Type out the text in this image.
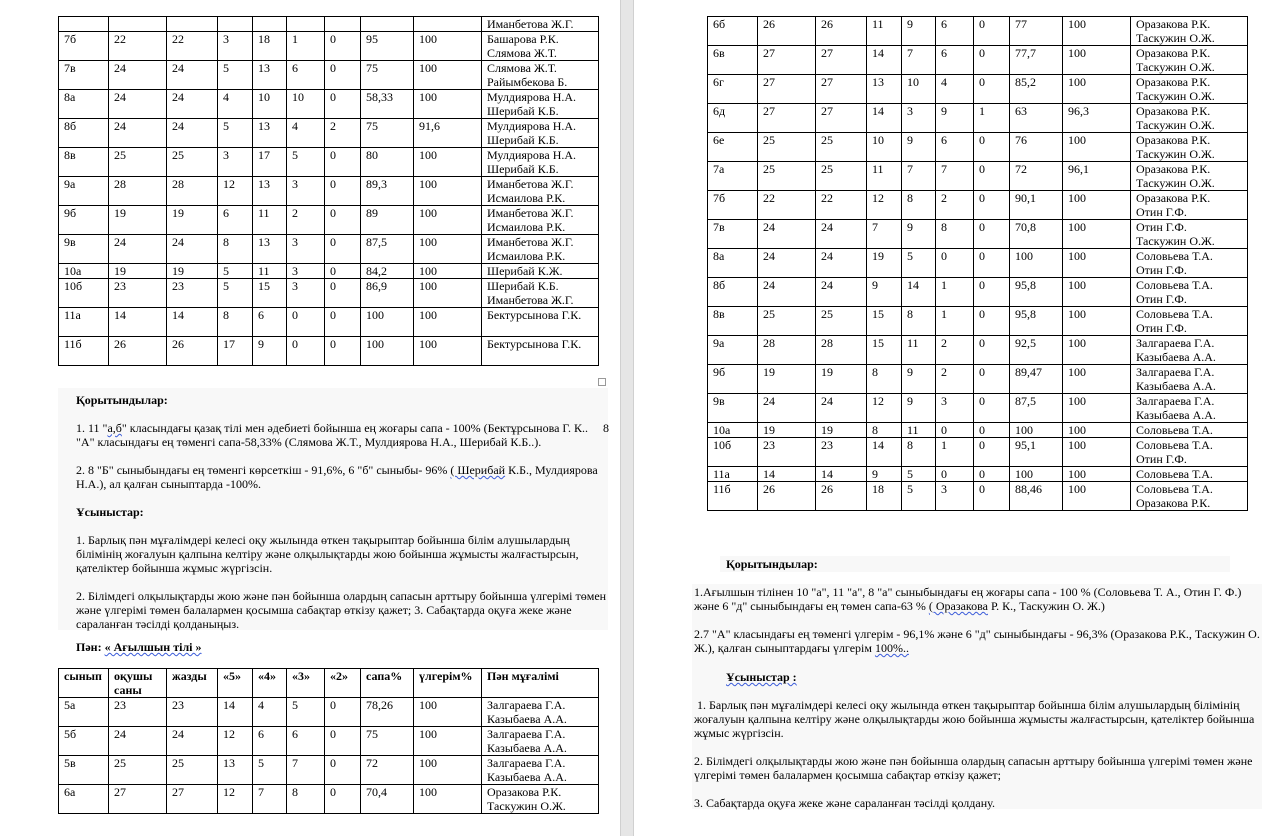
									Иманбетова Ж.Г.

7б	22	22	3	18	1	0	95	100	Башарова Р.К.
Слямова Ж.Т.

7в	24	24	5	13	6	0	75	100	Слямова Ж.Т.
Райымбекова Б.

8а	24	24	4	10	10	0	58,33	100	Мулдиярова Н.А.
Шерибай К.Б.

8б	24	24	5	13	4	2	75	91,6	Мулдиярова Н.А.
Шерибай К.Б.

8в	25	25	3	17	5	0	80	100	Мулдиярова Н.А.
Шерибай К.Б.

9а	28	28	12	13	3	0	89,3	100	Иманбетова Ж.Г.
Исмаилова Р.К.

9б	19	19	6	11	2	0	89	100	Иманбетова Ж.Г.
Исмаилова Р.К.

9в	24	24	8	13	3	0	87,5	100	Иманбетова Ж.Г.
Исмаилова Р.К.

10а	19	19	5	11	3	0	84,2	100	Шерибай К.Ж.

10б	23	23	5	15	3	0	86,9	100	Шерибай К.Б.
Иманбетова Ж.Г.

11а	14	14	8	6	0	0	100	100	Бектурсынова Г.К.

11б	26	26	17	9	0	0	100	100	Бектурсынова Г.К.

Қорытындылар:
1. 11 "а,б" класындағы қазақ тілі мен әдебиеті бойынша ең жоғары сапа - 100% (Бектұрсынова Г. К..     8
"А" класындағы ең төменгі сапа-58,33% (Слямова Ж.Т., Мулдиярова Н.А., Шерибай К.Б..).
2. 8 "Б" сыныбындағы ең төменгі көрсеткіш - 91,6%, 6 "б" сыныбы- 96% ( Шерибай К.Б., Мулдиярова
Н.А.), ал қалған сыныптарда -100%.
Ұсыныстар:
1. Барлық пән мұғалімдері келесі оқу жылында өткен тақырыптар бойынша білім алушылардың
білімінің жоғалуын қалпына келтіру және олқылықтарды жою бойынша жұмысты жалғастырсын,
қателіктер бойынша жұмыс жүргізсін.
2. Білімдегі олқылықтарды жою және пән бойынша олардың сапасын арттыру бойынша үлгерімі төмен
және үлгерімі төмен балалармен қосымша сабақтар өткізу қажет; 3. Сабақтарда оқуға жеке және
сараланған тәсілді қолданыңыз.
Пән: « Ағылшын тілі »
сынып	оқушы
саны	жазды	«5»	«4»	«3»	«2»	сапа%	үлгерім%	Пән мұғалімі
5а	23	23	14	4	5	0	78,26	100	Залгараева Г.А.
Казыбаева А.А.

5б	24	24	12	6	6	0	75	100	Залгараева Г.А.
Казыбаева А.А.

5в	25	25	13	5	7	0	72	100	Залгараева Г.А.
Казыбаева А.А.

6а	27	27	12	7	8	0	70,4	100	Оразакова Р.К.
Таскужин О.Ж.
6б	26	26	11	9	6	0	77	100	Оразакова Р.К.
Таскужин О.Ж.

6в	27	27	14	7	6	0	77,7	100	Оразакова Р.К.
Таскужин О.Ж.

6г	27	27	13	10	4	0	85,2	100	Оразакова Р.К.
Таскужин О.Ж.

6д	27	27	14	3	9	1	63	96,3	Оразакова Р.К.
Таскужин О.Ж.

6е	25	25	10	9	6	0	76	100	Оразакова Р.К.
Таскужин О.Ж.

7а	25	25	11	7	7	0	72	96,1	Оразакова Р.К.
Таскужин О.Ж.

7б	22	22	12	8	2	0	90,1	100	Оразакова Р.К.
Отин Г.Ф.

7в	24	24	7	9	8	0	70,8	100	Отин Г.Ф.
Таскужин О.Ж.

8а	24	24	19	5	0	0	100	100	Соловьева Т.А.
Отин Г.Ф.

8б	24	24	9	14	1	0	95,8	100	Соловьева Т.А.
Отин Г.Ф.

8в	25	25	15	8	1	0	95,8	100	Соловьева Т.А.
Отин Г.Ф.

9а	28	28	15	11	2	0	92,5	100	Залгараева Г.А.
Казыбаева А.А.

9б	19	19	8	9	2	0	89,47	100	Залгараева Г.А.
Казыбаева А.А.

9в	24	24	12	9	3	0	87,5	100	Залгараева Г.А.
Казыбаева А.А.

10а	19	19	8	11	0	0	100	100	Соловьева Т.А.

10б	23	23	14	8	1	0	95,1	100	Соловьева Т.А.
Отин Г.Ф.

11а	14	14	9	5	0	0	100	100	Соловьева Т.А.

11б	26	26	18	5	3	0	88,46	100	Соловьева Т.А.
Оразакова Р.К.
Қорытындылар:
1.Ағылшын тілінен 10 "а", 11 "а", 8 "а" сыныбындағы ең жоғары сапа - 100 % (Соловьева Т. А., Отин Г. Ф.)
және 6 "д" сыныбындағы ең төмен сапа-63 % ( Оразакова Р. К., Таскужин О. Ж.)
2.7 "А" класындағы ең төменгі үлгерім - 96,1% және 6 "д" сыныбындағы - 96,3% (Оразакова Р.К., Таскужин О.
Ж.), қалған сыныптардағы үлгерім 100%..
Ұсыныстар :
1. Барлық пән мұғалімдері келесі оқу жылында өткен тақырыптар бойынша білім алушылардың білімінің
жоғалуын қалпына келтіру және олқылықтарды жою бойынша жұмысты жалғастырсын, қателіктер бойынша
жұмыс жүргізсін.
2. Білімдегі олқылықтарды жою және пән бойынша олардың сапасын арттыру бойынша үлгерімі төмен және
үлгерімі төмен балалармен қосымша сабақтар өткізу қажет;
3. Сабақтарда оқуға жеке және сараланған тәсілді қолдану.
